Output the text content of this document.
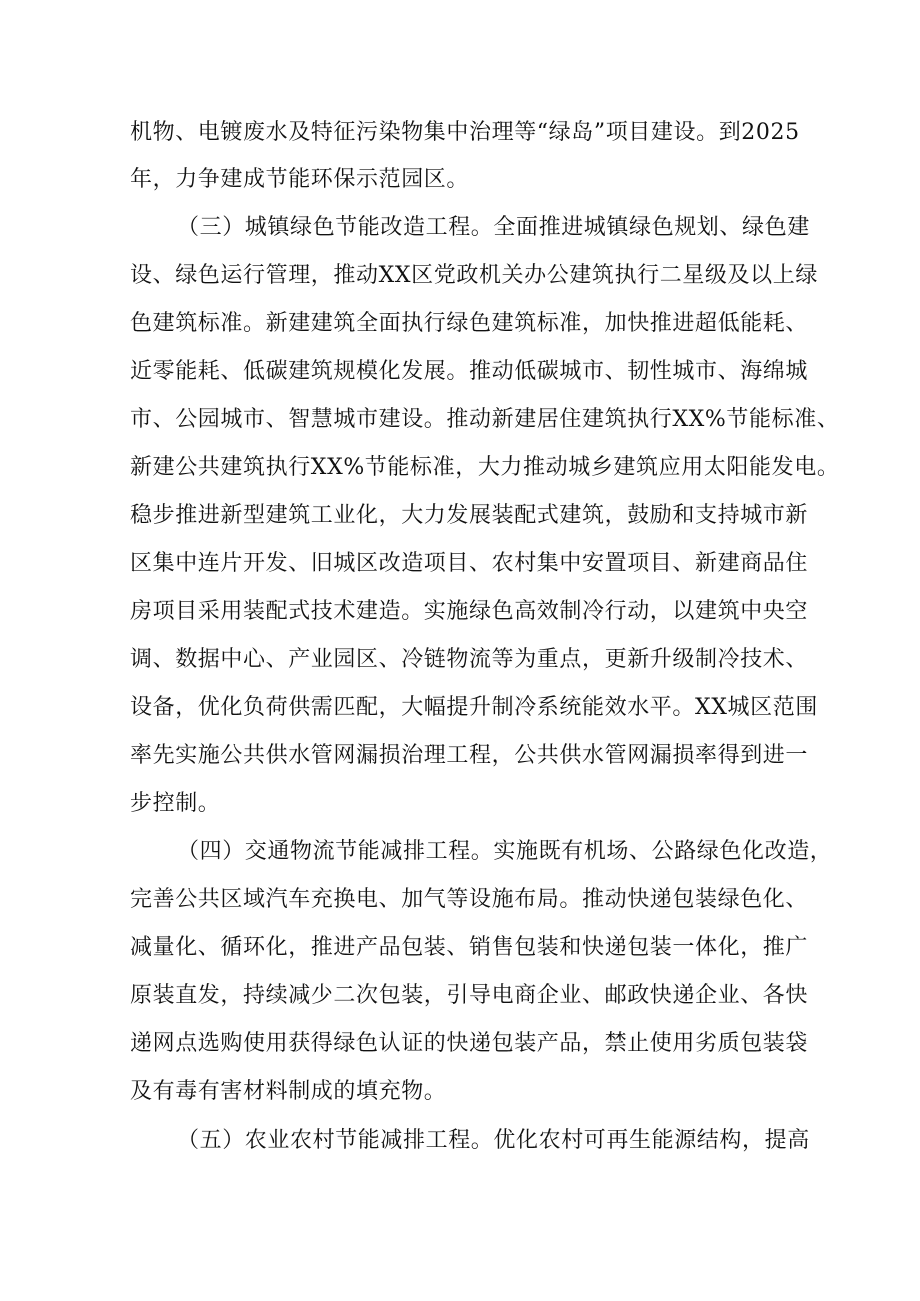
机物、电镀废水及特征污染物集中治理等“绿岛”项目建设。到2025
年，力争建成节能环保示范园区。
（三）城镇绿色节能改造工程。全面推进城镇绿色规划、绿色建
设、绿色运行管理，推动XX区党政机关办公建筑执行二星级及以上绿
色建筑标准。新建建筑全面执行绿色建筑标准，加快推进超低能耗、
近零能耗、低碳建筑规模化发展。推动低碳城市、韧性城市、海绵城
市、公园城市、智慧城市建设。推动新建居住建筑执行XX%节能标准、
新建公共建筑执行XX%节能标准，大力推动城乡建筑应用太阳能发电。
稳步推进新型建筑工业化，大力发展装配式建筑，鼓励和支持城市新
区集中连片开发、旧城区改造项目、农村集中安置项目、新建商品住
房项目采用装配式技术建造。实施绿色高效制冷行动，以建筑中央空
调、数据中心、产业园区、冷链物流等为重点，更新升级制冷技术、
设备，优化负荷供需匹配，大幅提升制冷系统能效水平。XX城区范围
率先实施公共供水管网漏损治理工程，公共供水管网漏损率得到进一
步控制。
（四）交通物流节能减排工程。实施既有机场、公路绿色化改造，
完善公共区域汽车充换电、加气等设施布局。推动快递包装绿色化、
减量化、循环化，推进产品包装、销售包装和快递包装一体化，推广
原装直发，持续减少二次包装，引导电商企业、邮政快递企业、各快
递网点选购使用获得绿色认证的快递包装产品，禁止使用劣质包装袋
及有毒有害材料制成的填充物。
（五）农业农村节能减排工程。优化农村可再生能源结构，提高
